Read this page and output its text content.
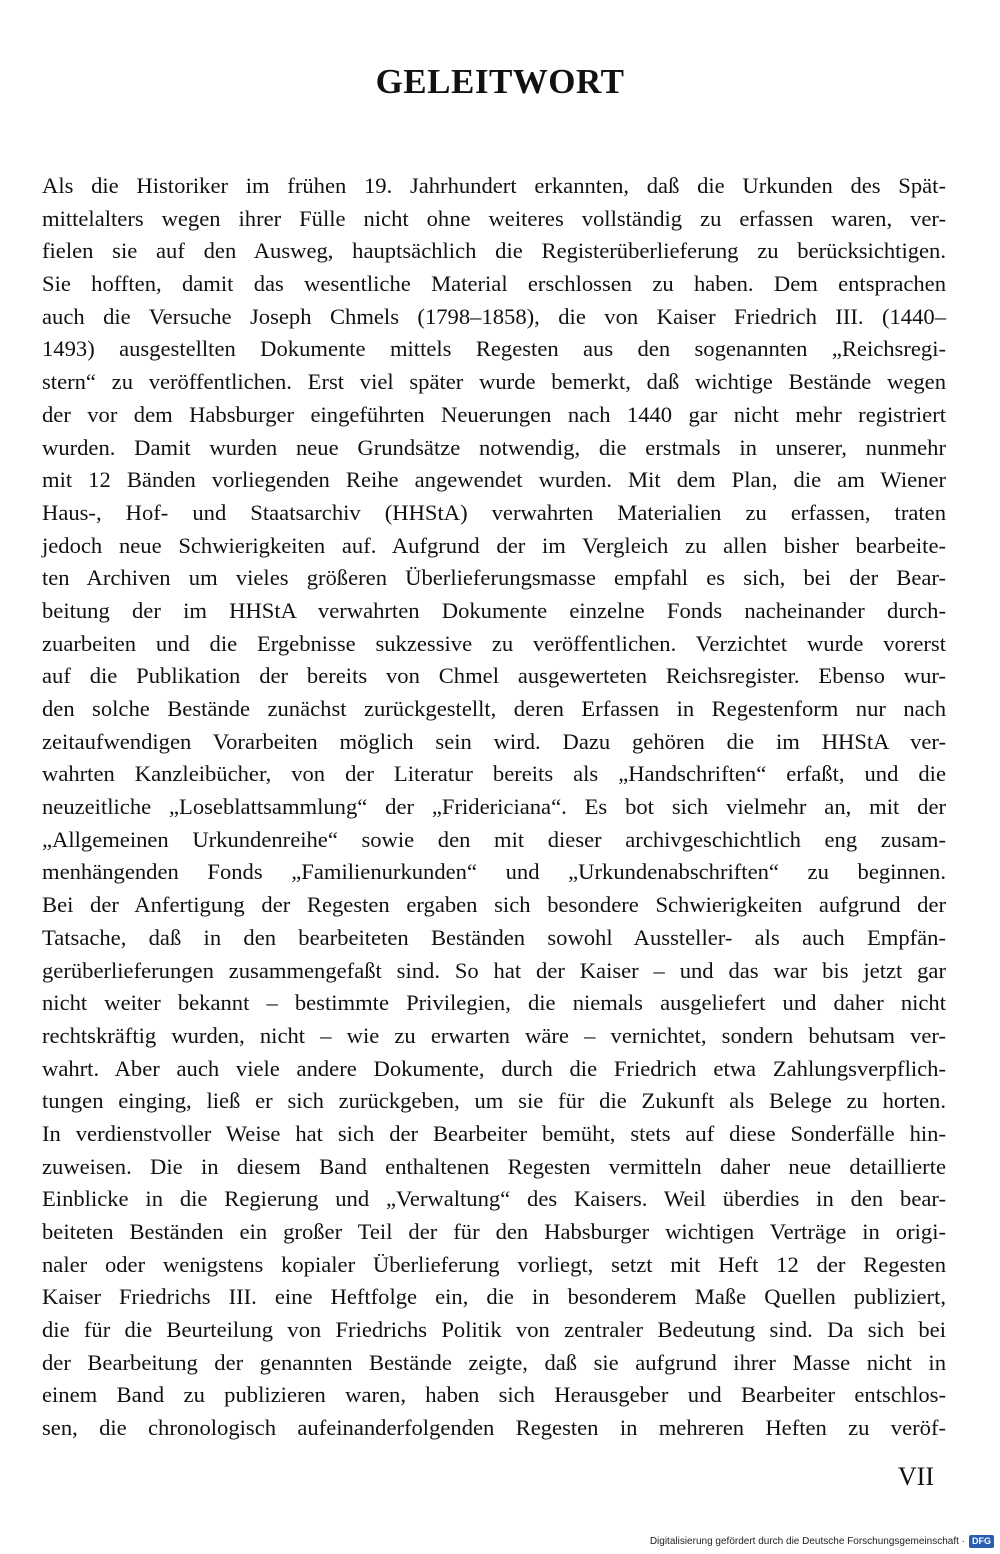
GELEITWORT
Als die Historiker im frühen 19. Jahrhundert erkannten, daß die Urkunden des Spät-
mittelalters wegen ihrer Fülle nicht ohne weiteres vollständig zu erfassen waren, ver-
fielen sie auf den Ausweg, hauptsächlich die Registerüberlieferung zu berücksichtigen.
Sie hofften, damit das wesentliche Material erschlossen zu haben. Dem entsprachen
auch die Versuche Joseph Chmels (1798–1858), die von Kaiser Friedrich III. (1440–
1493) ausgestellten Dokumente mittels Regesten aus den sogenannten „Reichsregi-
stern“ zu veröffentlichen. Erst viel später wurde bemerkt, daß wichtige Bestände wegen
der vor dem Habsburger eingeführten Neuerungen nach 1440 gar nicht mehr registriert
wurden. Damit wurden neue Grundsätze notwendig, die erstmals in unserer, nunmehr
mit 12 Bänden vorliegenden Reihe angewendet wurden. Mit dem Plan, die am Wiener
Haus-, Hof- und Staatsarchiv (HHStA) verwahrten Materialien zu erfassen, traten
jedoch neue Schwierigkeiten auf. Aufgrund der im Vergleich zu allen bisher bearbeite-
ten Archiven um vieles größeren Überlieferungsmasse empfahl es sich, bei der Bear-
beitung der im HHStA verwahrten Dokumente einzelne Fonds nacheinander durch-
zuarbeiten und die Ergebnisse sukzessive zu veröffentlichen. Verzichtet wurde vorerst
auf die Publikation der bereits von Chmel ausgewerteten Reichsregister. Ebenso wur-
den solche Bestände zunächst zurückgestellt, deren Erfassen in Regestenform nur nach
zeitaufwendigen Vorarbeiten möglich sein wird. Dazu gehören die im HHStA ver-
wahrten Kanzleibücher, von der Literatur bereits als „Handschriften“ erfaßt, und die
neuzeitliche „Loseblattsammlung“ der „Fridericiana“. Es bot sich vielmehr an, mit der
„Allgemeinen Urkundenreihe“ sowie den mit dieser archivgeschichtlich eng zusam-
menhängenden Fonds „Familienurkunden“ und „Urkundenabschriften“ zu beginnen.
Bei der Anfertigung der Regesten ergaben sich besondere Schwierigkeiten aufgrund der
Tatsache, daß in den bearbeiteten Beständen sowohl Aussteller- als auch Empfän-
gerüberlieferungen zusammengefaßt sind. So hat der Kaiser – und das war bis jetzt gar
nicht weiter bekannt – bestimmte Privilegien, die niemals ausgeliefert und daher nicht
rechtskräftig wurden, nicht – wie zu erwarten wäre – vernichtet, sondern behutsam ver-
wahrt. Aber auch viele andere Dokumente, durch die Friedrich etwa Zahlungsverpflich-
tungen einging, ließ er sich zurückgeben, um sie für die Zukunft als Belege zu horten.
In verdienstvoller Weise hat sich der Bearbeiter bemüht, stets auf diese Sonderfälle hin-
zuweisen. Die in diesem Band enthaltenen Regesten vermitteln daher neue detaillierte
Einblicke in die Regierung und „Verwaltung“ des Kaisers. Weil überdies in den bear-
beiteten Beständen ein großer Teil der für den Habsburger wichtigen Verträge in origi-
naler oder wenigstens kopialer Überlieferung vorliegt, setzt mit Heft 12 der Regesten
Kaiser Friedrichs III. eine Heftfolge ein, die in besonderem Maße Quellen publiziert,
die für die Beurteilung von Friedrichs Politik von zentraler Bedeutung sind. Da sich bei
der Bearbeitung der genannten Bestände zeigte, daß sie aufgrund ihrer Masse nicht in
einem Band zu publizieren waren, haben sich Herausgeber und Bearbeiter entschlos-
sen, die chronologisch aufeinanderfolgenden Regesten in mehreren Heften zu veröf-
VII
Digitalisierung gefördert durch die Deutsche Forschungsgemeinschaft · DFG
